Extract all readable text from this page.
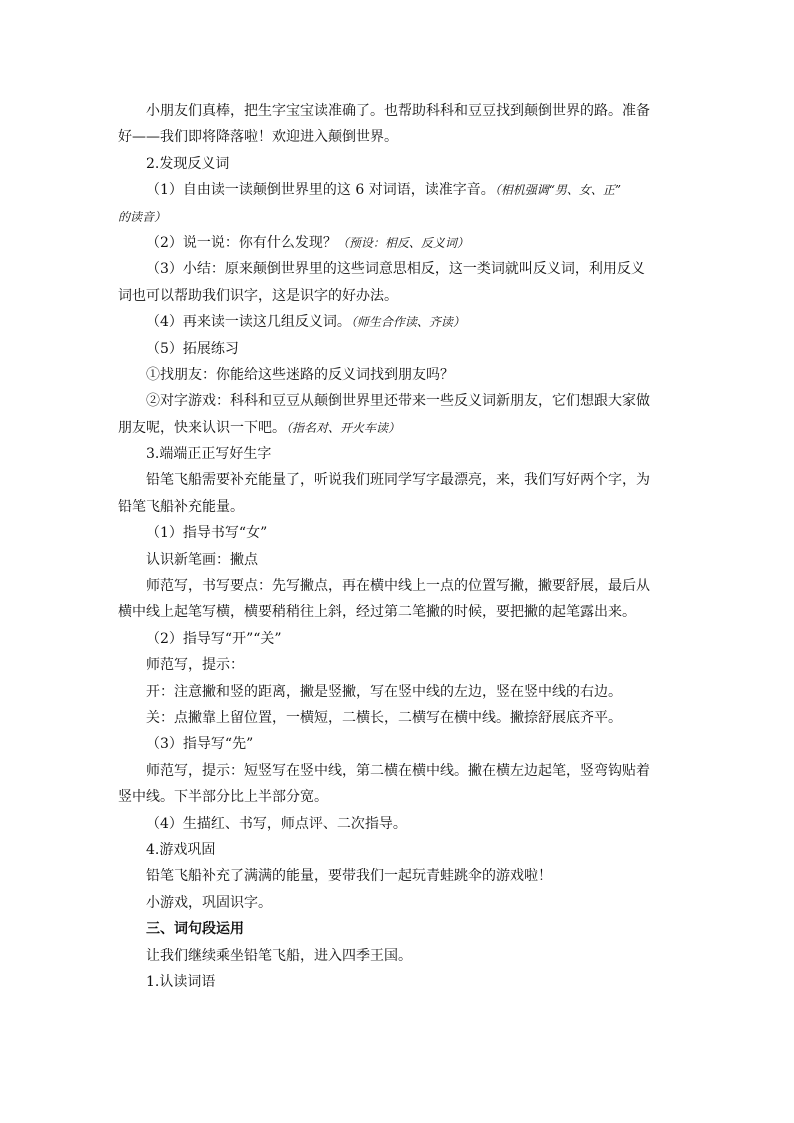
小朋友们真棒，把生字宝宝读准确了。也帮助科科和豆豆找到颠倒世界的路。准备
好——我们即将降落啦！欢迎进入颠倒世界。
2.发现反义词
（1）自由读一读颠倒世界里的这 6 对词语，读准字音。（相机强调“男、女、正”
的读音）
（2）说一说：你有什么发现？（预设：相反、反义词）
（3）小结：原来颠倒世界里的这些词意思相反，这一类词就叫反义词，利用反义
词也可以帮助我们识字，这是识字的好办法。
（4）再来读一读这几组反义词。（师生合作读、齐读）
（5）拓展练习
①找朋友：你能给这些迷路的反义词找到朋友吗？
②对字游戏：科科和豆豆从颠倒世界里还带来一些反义词新朋友，它们想跟大家做
朋友呢，快来认识一下吧。（指名对、开火车读）
3.端端正正写好生字
铅笔飞船需要补充能量了，听说我们班同学写字最漂亮，来，我们写好两个字，为
铅笔飞船补充能量。
（1）指导书写“女”
认识新笔画：撇点
师范写，书写要点：先写撇点，再在横中线上一点的位置写撇，撇要舒展，最后从
横中线上起笔写横，横要稍稍往上斜，经过第二笔撇的时候，要把撇的起笔露出来。
（2）指导写“开”“关”
师范写，提示：
开：注意撇和竖的距离，撇是竖撇，写在竖中线的左边，竖在竖中线的右边。
关：点撇靠上留位置，一横短，二横长，二横写在横中线。撇捺舒展底齐平。
（3）指导写“先”
师范写，提示：短竖写在竖中线，第二横在横中线。撇在横左边起笔，竖弯钩贴着
竖中线。下半部分比上半部分宽。
（4）生描红、书写，师点评、二次指导。
4.游戏巩固
铅笔飞船补充了满满的能量，要带我们一起玩青蛙跳伞的游戏啦！
小游戏，巩固识字。
三、词句段运用
让我们继续乘坐铅笔飞船，进入四季王国。
1.认读词语
